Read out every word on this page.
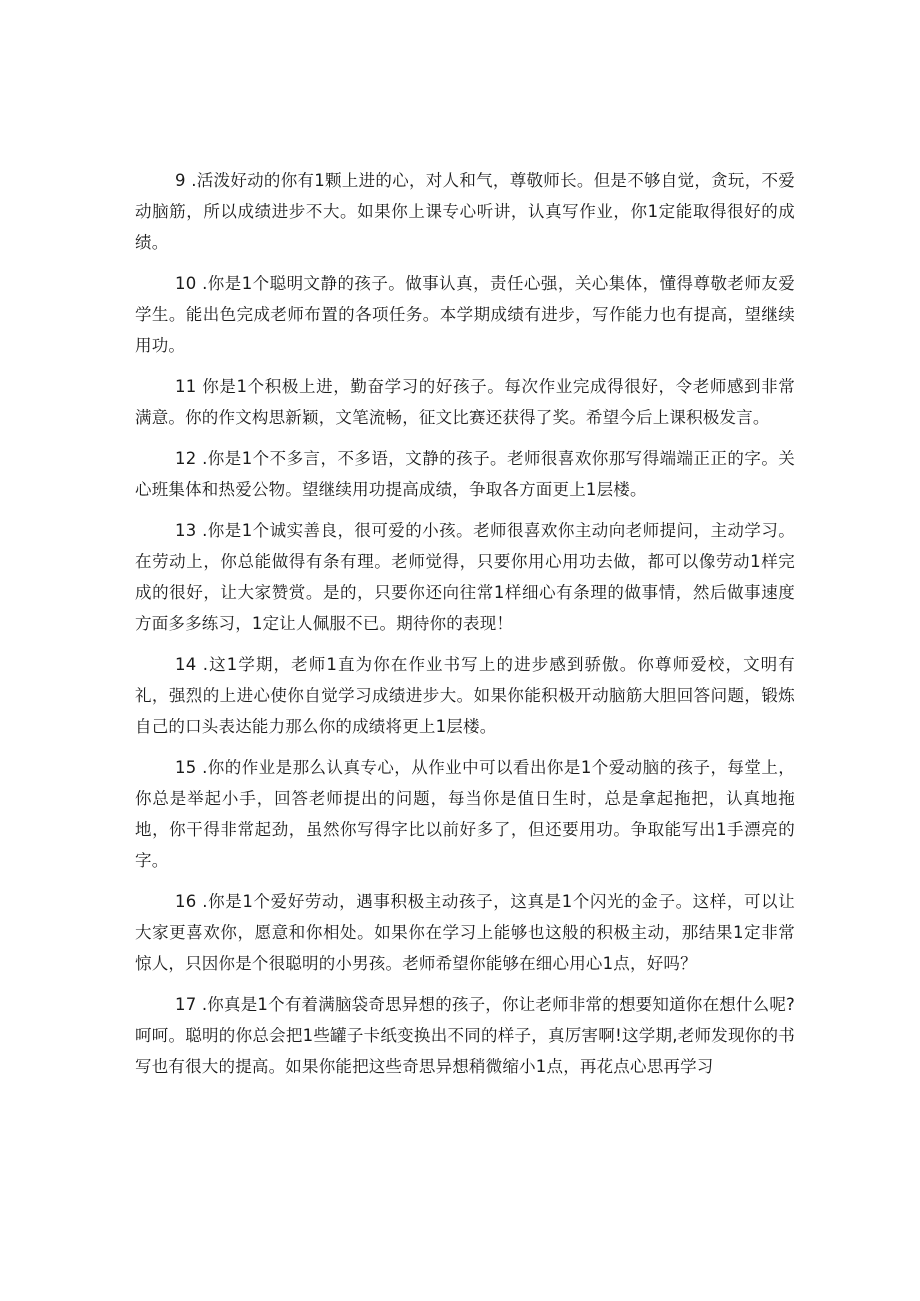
9 .活泼好动的你有1颗上进的心，对人和气，尊敬师长。但是不够自觉，贪玩，不爱动脑筋，所以成绩进步不大。如果你上课专心听讲，认真写作业，你1定能取得很好的成绩。

10 .你是1个聪明文静的孩子。做事认真，责任心强，关心集体，懂得尊敬老师友爱学生。能出色完成老师布置的各项任务。本学期成绩有进步，写作能力也有提高，望继续用功。

11 你是1个积极上进，勤奋学习的好孩子。每次作业完成得很好，令老师感到非常满意。你的作文构思新颖，文笔流畅，征文比赛还获得了奖。希望今后上课积极发言。

12 .你是1个不多言，不多语，文静的孩子。老师很喜欢你那写得端端正正的字。关心班集体和热爱公物。望继续用功提高成绩，争取各方面更上1层楼。

13 .你是1个诚实善良，很可爱的小孩。老师很喜欢你主动向老师提问，主动学习。在劳动上，你总能做得有条有理。老师觉得，只要你用心用功去做，都可以像劳动1样完成的很好，让大家赞赏。是的，只要你还向往常1样细心有条理的做事情，然后做事速度方面多多练习，1定让人佩服不已。期待你的表现！

14 .这1学期，老师1直为你在作业书写上的进步感到骄傲。你尊师爱校，文明有礼，强烈的上进心使你自觉学习成绩进步大。如果你能积极开动脑筋大胆回答问题，锻炼自己的口头表达能力那么你的成绩将更上1层楼。

15 .你的作业是那么认真专心，从作业中可以看出你是1个爱动脑的孩子，每堂上，你总是举起小手，回答老师提出的问题，每当你是值日生时，总是拿起拖把，认真地拖地，你干得非常起劲，虽然你写得字比以前好多了，但还要用功。争取能写出1手漂亮的字。

16 .你是1个爱好劳动，遇事积极主动孩子，这真是1个闪光的金子。这样，可以让大家更喜欢你，愿意和你相处。如果你在学习上能够也这般的积极主动，那结果1定非常惊人，只因你是个很聪明的小男孩。老师希望你能够在细心用心1点，好吗？

17 .你真是1个有着满脑袋奇思异想的孩子，你让老师非常的想要知道你在想什么呢?呵呵。聪明的你总会把1些罐子卡纸变换出不同的样子，真厉害啊!这学期,老师发现你的书写也有很大的提高。如果你能把这些奇思异想稍微缩小1点，再花点心思再学习
